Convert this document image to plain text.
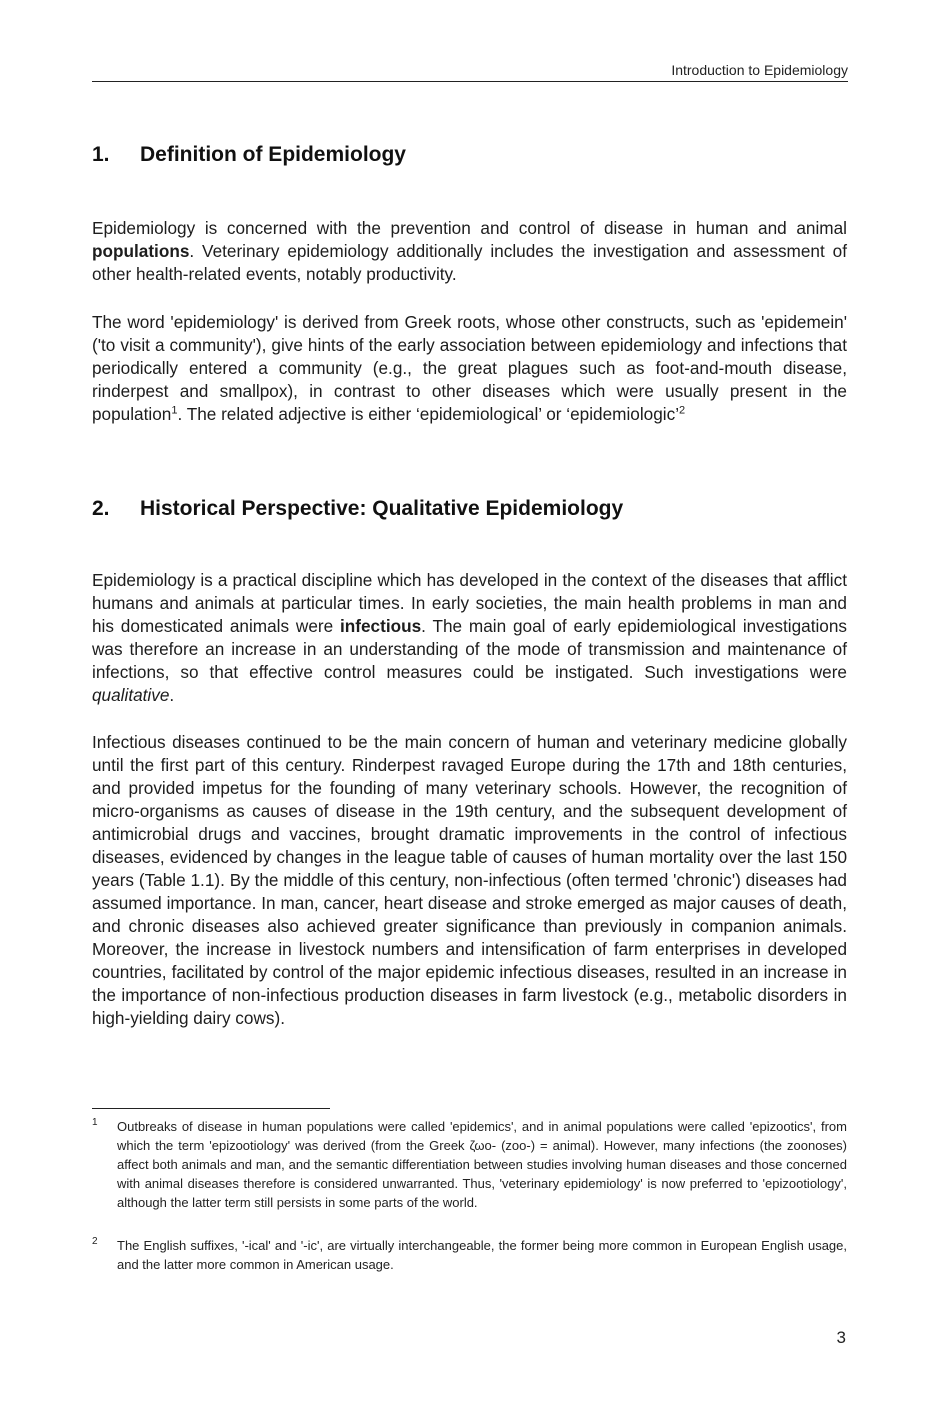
Introduction to Epidemiology
1. Definition of Epidemiology

Epidemiology is concerned with the prevention and control of disease in human and animal populations. Veterinary epidemiology additionally includes the investigation and assessment of other health-related events, notably productivity.

The word 'epidemiology' is derived from Greek roots, whose other constructs, such as 'epidemein' ('to visit a community'), give hints of the early association between epidemiology and infections that periodically entered a community (e.g., the great plagues such as foot-and-mouth disease, rinderpest and smallpox), in contrast to other diseases which were usually present in the population$^1$. The related adjective is either ‘epidemiological’ or ‘epidemiologic’$^2$

2. Historical Perspective: Qualitative Epidemiology

Epidemiology is a practical discipline which has developed in the context of the diseases that afflict humans and animals at particular times. In early societies, the main health problems in man and his domesticated animals were infectious. The main goal of early epidemiological investigations was therefore an increase in an understanding of the mode of transmission and maintenance of infections, so that effective control measures could be instigated. Such investigations were qualitative.

Infectious diseases continued to be the main concern of human and veterinary medicine globally until the first part of this century. Rinderpest ravaged Europe during the 17th and 18th centuries, and provided impetus for the founding of many veterinary schools. However, the recognition of micro-organisms as causes of disease in the 19th century, and the subsequent development of antimicrobial drugs and vaccines, brought dramatic improvements in the control of infectious diseases, evidenced by changes in the league table of causes of human mortality over the last 150 years (Table 1.1). By the middle of this century, non-infectious (often termed 'chronic') diseases had assumed importance. In man, cancer, heart disease and stroke emerged as major causes of death, and chronic diseases also achieved greater significance than previously in companion animals. Moreover, the increase in livestock numbers and intensification of farm enterprises in developed countries, facilitated by control of the major epidemic infectious diseases, resulted in an increase in the importance of non-infectious production diseases in farm livestock (e.g., metabolic disorders in high-yielding dairy cows).

1 Outbreaks of disease in human populations were called 'epidemics', and in animal populations were called 'epizootics', from which the term 'epizootiology' was derived (from the Greek ζωο- (zoo-) = animal). However, many infections (the zoonoses) affect both animals and man, and the semantic differentiation between studies involving human diseases and those concerned with animal diseases therefore is considered unwarranted. Thus, 'veterinary epidemiology' is now preferred to 'epizootiology', although the latter term still persists in some parts of the world.
2 The English suffixes, '-ical' and '-ic', are virtually interchangeable, the former being more common in European English usage, and the latter more common in American usage.
3
